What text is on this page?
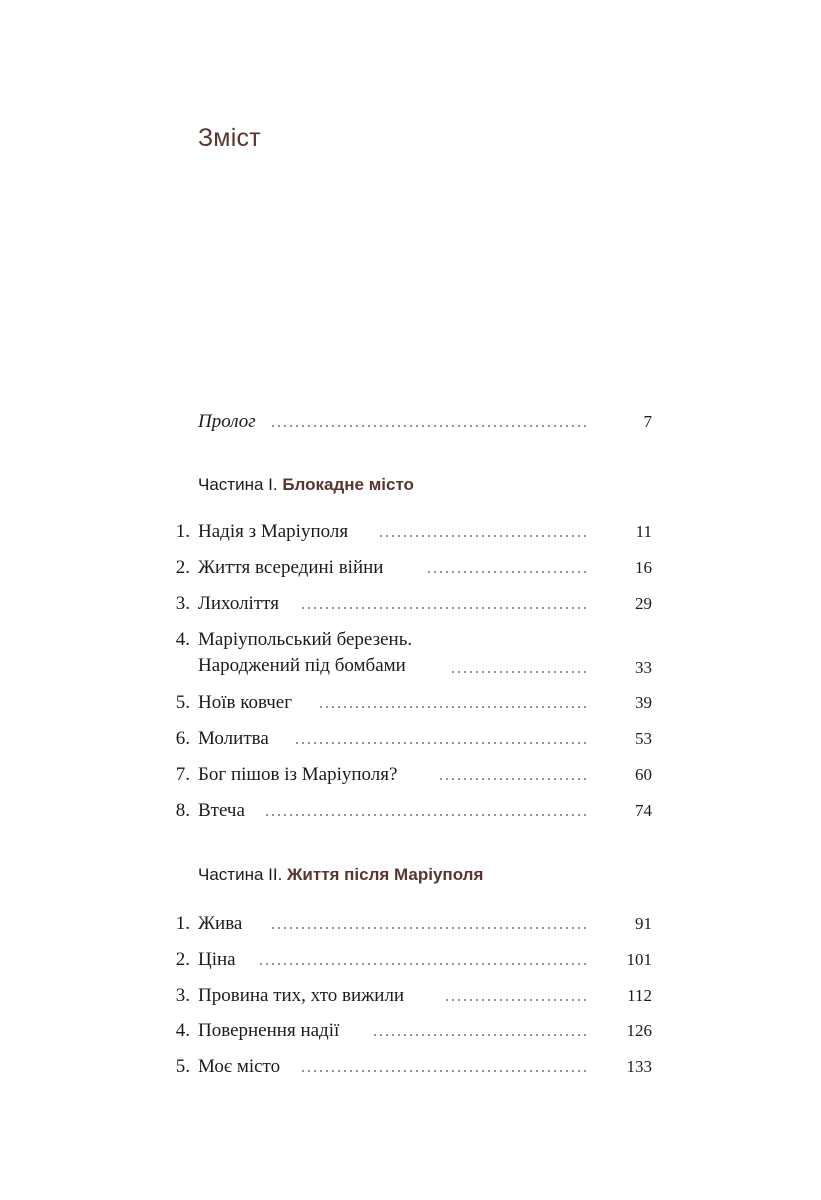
Зміст
Пролог	7
Частина I. Блокадне місто
1. Надія з Маріуполя	11
2. Життя всередині війни	16
3. Лихоліття	29
4. Маріупольський березень.
Народжений під бомбами	33
5. Ноїв ковчег	39
6. Молитва	53
7. Бог пішов із Маріуполя?	60
8. Втеча	74
Частина II. Життя після Маріуполя
1. Жива	91
2. Ціна	101
3. Провина тих, хто вижили	112
4. Повернення надії	126
5. Моє місто	133
